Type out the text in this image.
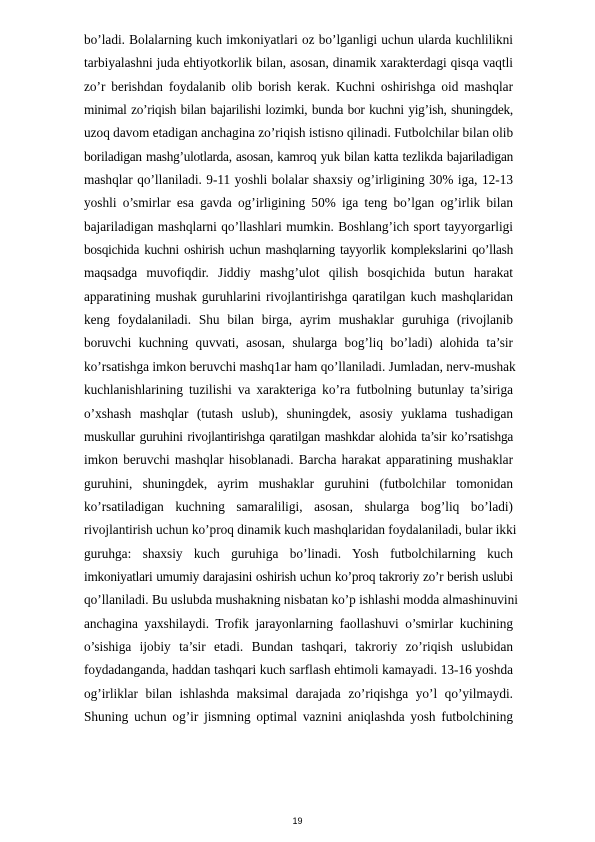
bo’ladi. Bolalarning kuch imkoniyatlari oz bo’lganligi uchun ularda kuchlilikni
tarbiyalashni juda ehtiyotkorlik bilan, asosan, dinamik xarakterdagi qisqa vaqtli
zo’r berishdan foydalanib olib borish kerak. Kuchni oshirishga oid mashqlar
minimal zo’riqish bilan bajarilishi lozimki, bunda bor kuchni yig’ish, shuningdek,
uzoq davom etadigan anchagina zo’riqish istisno qilinadi. Futbolchilar bilan olib
boriladigan mashg’ulotlarda, asosan, kamroq yuk bilan katta tezlikda bajariladigan
mashqlar qo’llaniladi. 9-11 yoshli bolalar shaxsiy og’irligining 30% iga, 12-13
yoshli o’smirlar esa gavda og’irligining 50% iga teng bo’lgan og’irlik bilan
bajariladigan mashqlarni qo’llashlari mumkin. Boshlang’ich sport tayyorgarligi
bosqichida kuchni oshirish uchun mashqlarning tayyorlik komplekslarini qo’llash
maqsadga muvofiqdir. Jiddiy mashg’ulot qilish bosqichida butun harakat
apparatining mushak guruhlarini rivojlantirishga qaratilgan kuch mashqlaridan
keng foydalaniladi. Shu bilan birga, ayrim mushaklar guruhiga (rivojlanib
boruvchi kuchning quvvati, asosan, shularga bog’liq bo’ladi) alohida ta’sir
ko’rsatishga imkon beruvchi mashq1ar ham qo’llaniladi. Jumladan, nerv-mushak
kuchlanishlarining tuzilishi va xarakteriga ko’ra futbolning butunlay ta’siriga
o’xshash mashqlar (tutash uslub), shuningdek, asosiy yuklama tushadigan
muskullar guruhini rivojlantirishga qaratilgan mashkdar alohida ta’sir ko’rsatishga
imkon beruvchi mashqlar hisoblanadi. Barcha harakat apparatining mushaklar
guruhini, shuningdek, ayrim mushaklar guruhini (futbolchilar tomonidan
ko’rsatiladigan kuchning samaraliligi, asosan, shularga bog’liq bo’ladi)
rivojlantirish uchun ko’proq dinamik kuch mashqlaridan foydalaniladi, bular ikki
guruhga: shaxsiy kuch guruhiga bo’linadi. Yosh futbolchilarning kuch
imkoniyatlari umumiy darajasini oshirish uchun ko’proq takroriy zo’r berish uslubi
qo’llaniladi. Bu uslubda mushakning nisbatan ko’p ishlashi modda almashinuvini
anchagina yaxshilaydi. Trofik jarayonlarning faollashuvi o’smirlar kuchining
o’sishiga ijobiy ta’sir etadi. Bundan tashqari, takroriy zo’riqish uslubidan
foydadanganda, haddan tashqari kuch sarflash ehtimoli kamayadi. 13-16 yoshda
og’irliklar bilan ishlashda maksimal darajada zo’riqishga yo’l qo’yilmaydi.
Shuning uchun og’ir jismning optimal vaznini aniqlashda yosh futbolchining
19
